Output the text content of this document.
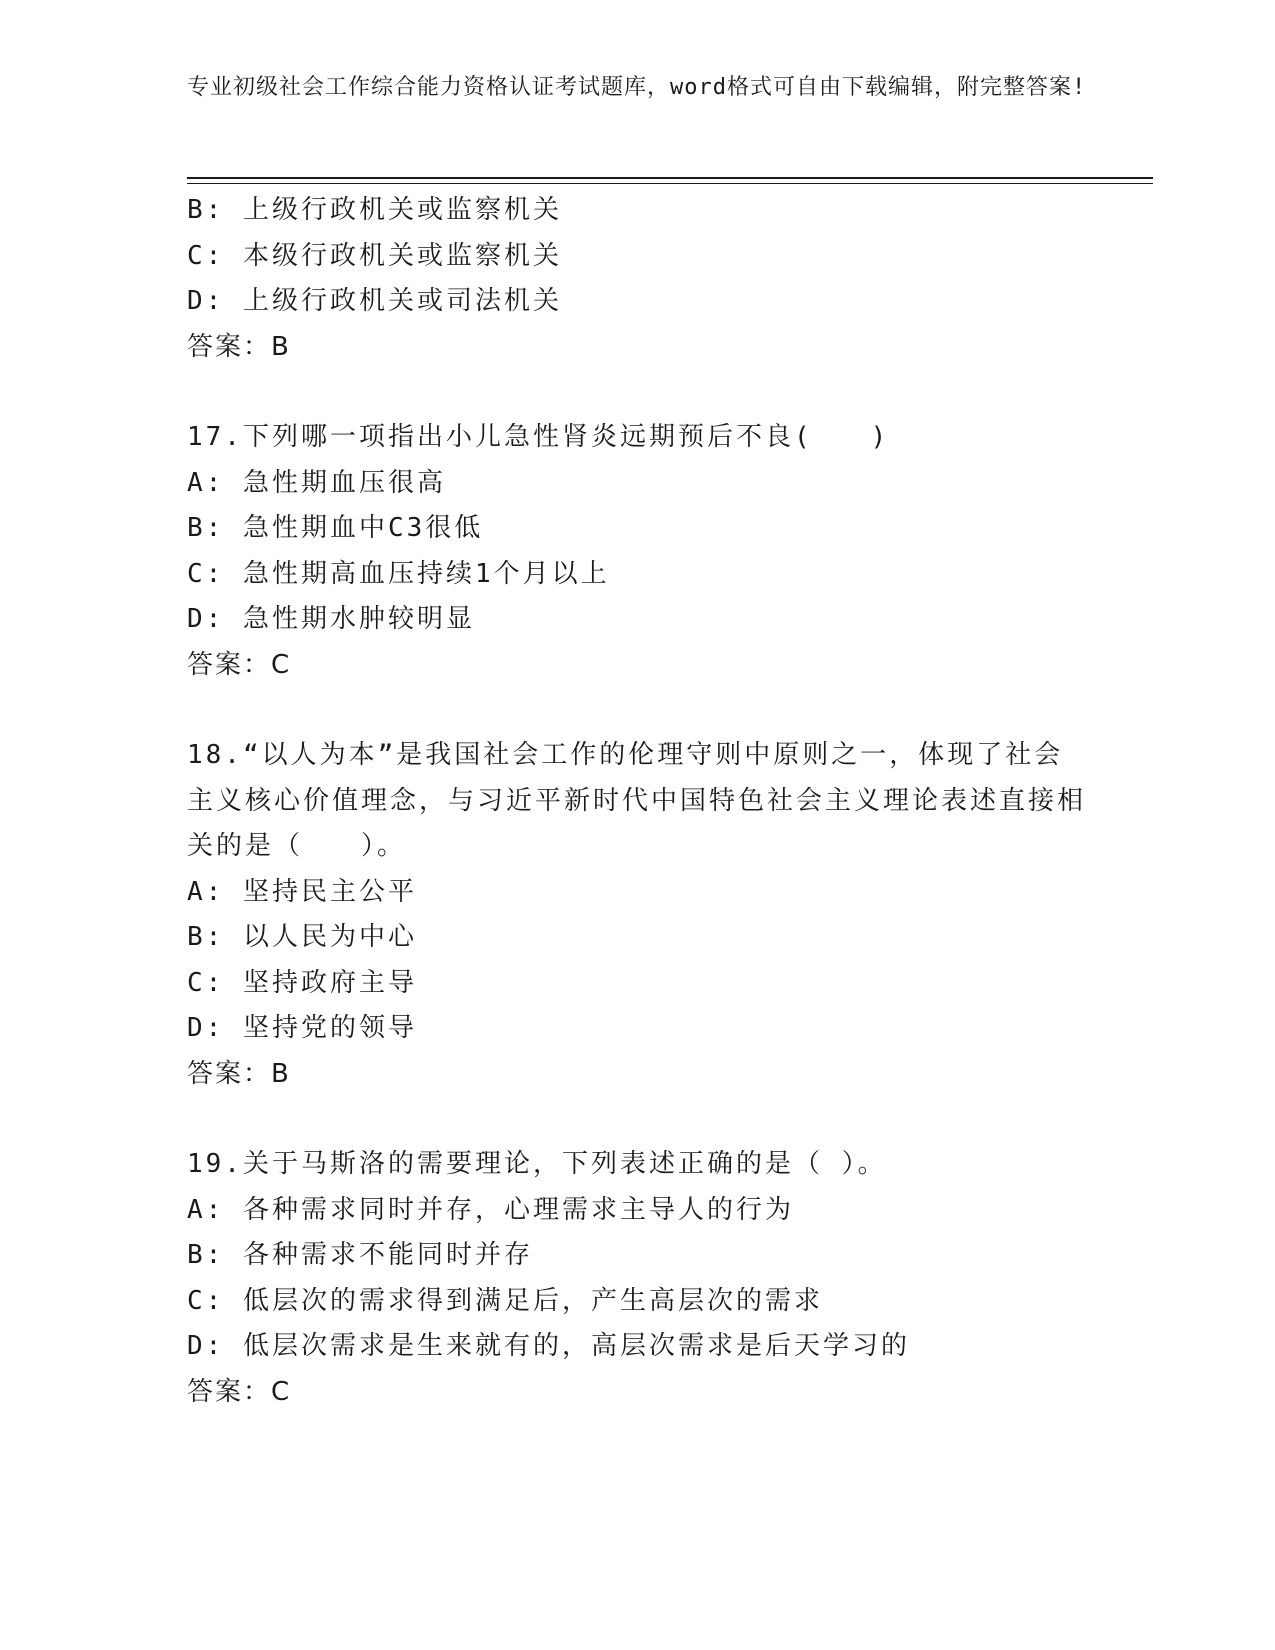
专业初级社会工作综合能力资格认证考试题库，word格式可自由下载编辑，附完整答案!
B: 上级行政机关或监察机关
C: 本级行政机关或监察机关
D: 上级行政机关或司法机关
答案：B
17.下列哪一项指出小儿急性肾炎远期预后不良(　　)
A: 急性期血压很高
B: 急性期血中C3很低
C: 急性期高血压持续1个月以上
D: 急性期水肿较明显
答案：C
18.“以人为本”是我国社会工作的伦理守则中原则之一，体现了社会主义核心价值理念，与习近平新时代中国特色社会主义理论表述直接相关的是（　　）。
A: 坚持民主公平
B: 以人民为中心
C: 坚持政府主导
D: 坚持党的领导
答案：B
19.关于马斯洛的需要理论，下列表述正确的是（ ）。
A: 各种需求同时并存，心理需求主导人的行为
B: 各种需求不能同时并存
C: 低层次的需求得到满足后，产生高层次的需求
D: 低层次需求是生来就有的，高层次需求是后天学习的
答案：C
